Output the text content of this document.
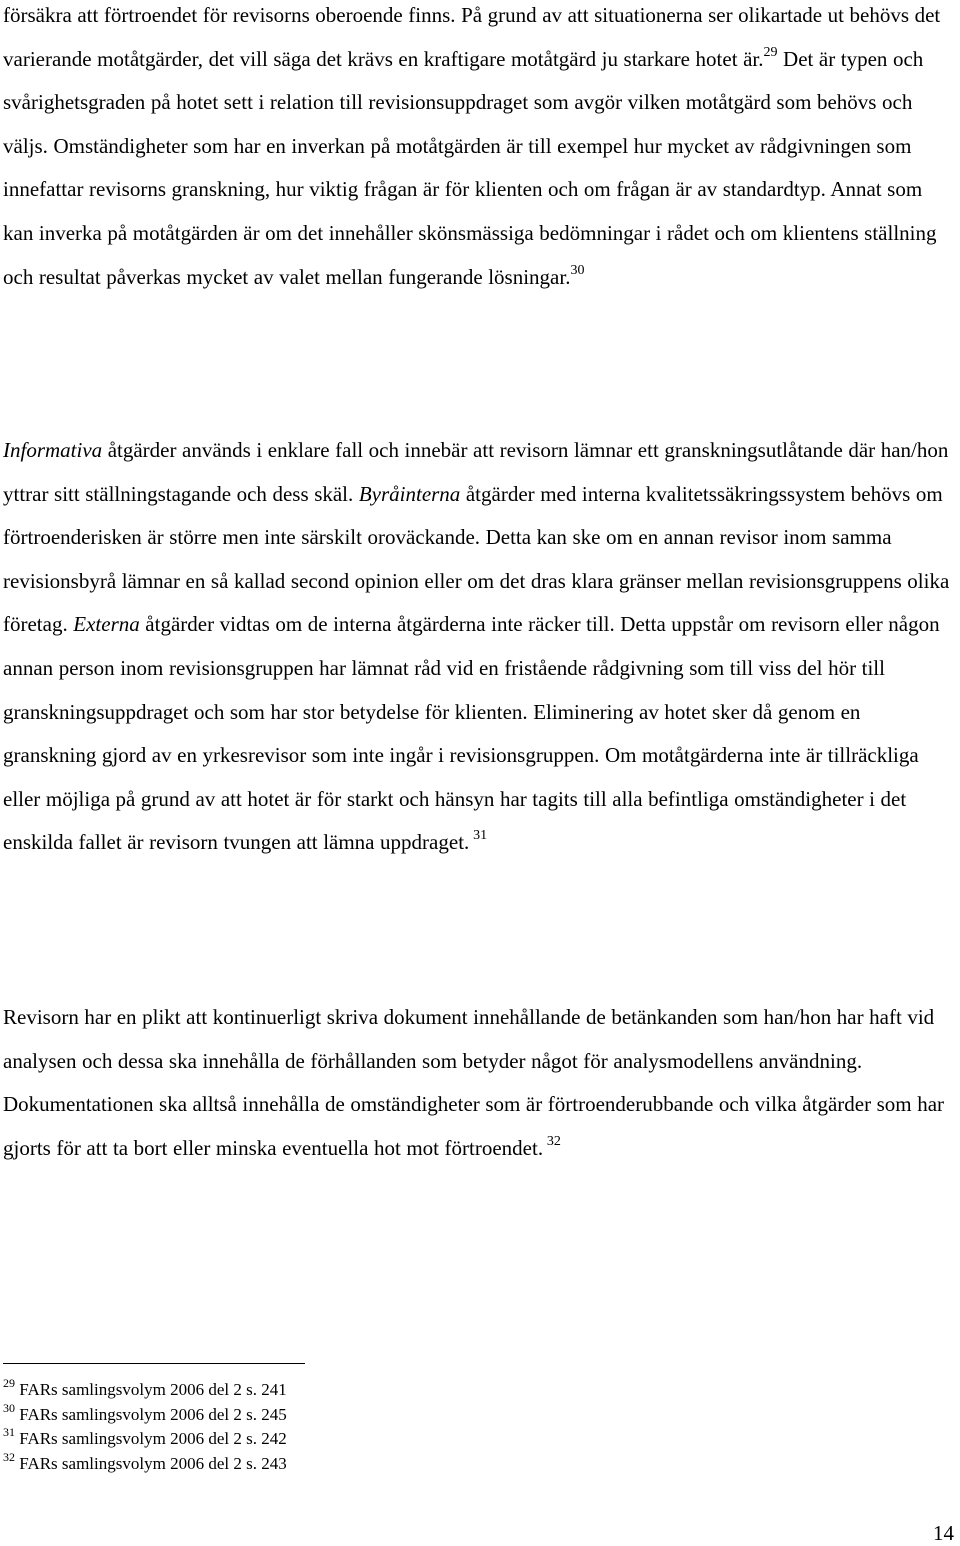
försäkra att förtroendet för revisorns oberoende finns. På grund av att situationerna ser olikartade ut behövs det varierande motåtgärder, det vill säga det krävs en kraftigare motåtgärd ju starkare hotet är.$^{29}$ Det är typen och svårighetsgraden på hotet sett i relation till revisionsuppdraget som avgör vilken motåtgärd som behövs och väljs. Omständigheter som har en inverkan på motåtgärden är till exempel hur mycket av rådgivningen som innefattar revisorns granskning, hur viktig frågan är för klienten och om frågan är av standardtyp. Annat som kan inverka på motåtgärden är om det innehåller skönsmässiga bedömningar i rådet och om klientens ställning och resultat påverkas mycket av valet mellan fungerande lösningar.$^{30}$

Informativa åtgärder används i enklare fall och innebär att revisorn lämnar ett granskningsutlåtande där han/hon yttrar sitt ställningstagande och dess skäl. Byråinterna åtgärder med interna kvalitetssäkringssystem behövs om förtroenderisken är större men inte särskilt oroväckande. Detta kan ske om en annan revisor inom samma revisionsbyrå lämnar en så kallad second opinion eller om det dras klara gränser mellan revisionsgruppens olika företag. Externa åtgärder vidtas om de interna åtgärderna inte räcker till. Detta uppstår om revisorn eller någon annan person inom revisionsgruppen har lämnat råd vid en fristående rådgivning som till viss del hör till granskningsuppdraget och som har stor betydelse för klienten. Eliminering av hotet sker då genom en granskning gjord av en yrkesrevisor som inte ingår i revisionsgruppen. Om motåtgärderna inte är tillräckliga eller möjliga på grund av att hotet är för starkt och hänsyn har tagits till alla befintliga omständigheter i det enskilda fallet är revisorn tvungen att lämna uppdraget. $^{31}$

Revisorn har en plikt att kontinuerligt skriva dokument innehållande de betänkanden som han/hon har haft vid analysen och dessa ska innehålla de förhållanden som betyder något för analysmodellens användning. Dokumentationen ska alltså innehålla de omständigheter som är förtroenderubbande och vilka åtgärder som har gjorts för att ta bort eller minska eventuella hot mot förtroendet. $^{32}$

$^{29}$ FARs samlingsvolym 2006 del 2 s. 241
$^{30}$ FARs samlingsvolym 2006 del 2 s. 245
$^{31}$ FARs samlingsvolym 2006 del 2 s. 242
$^{32}$ FARs samlingsvolym 2006 del 2 s. 243
14
